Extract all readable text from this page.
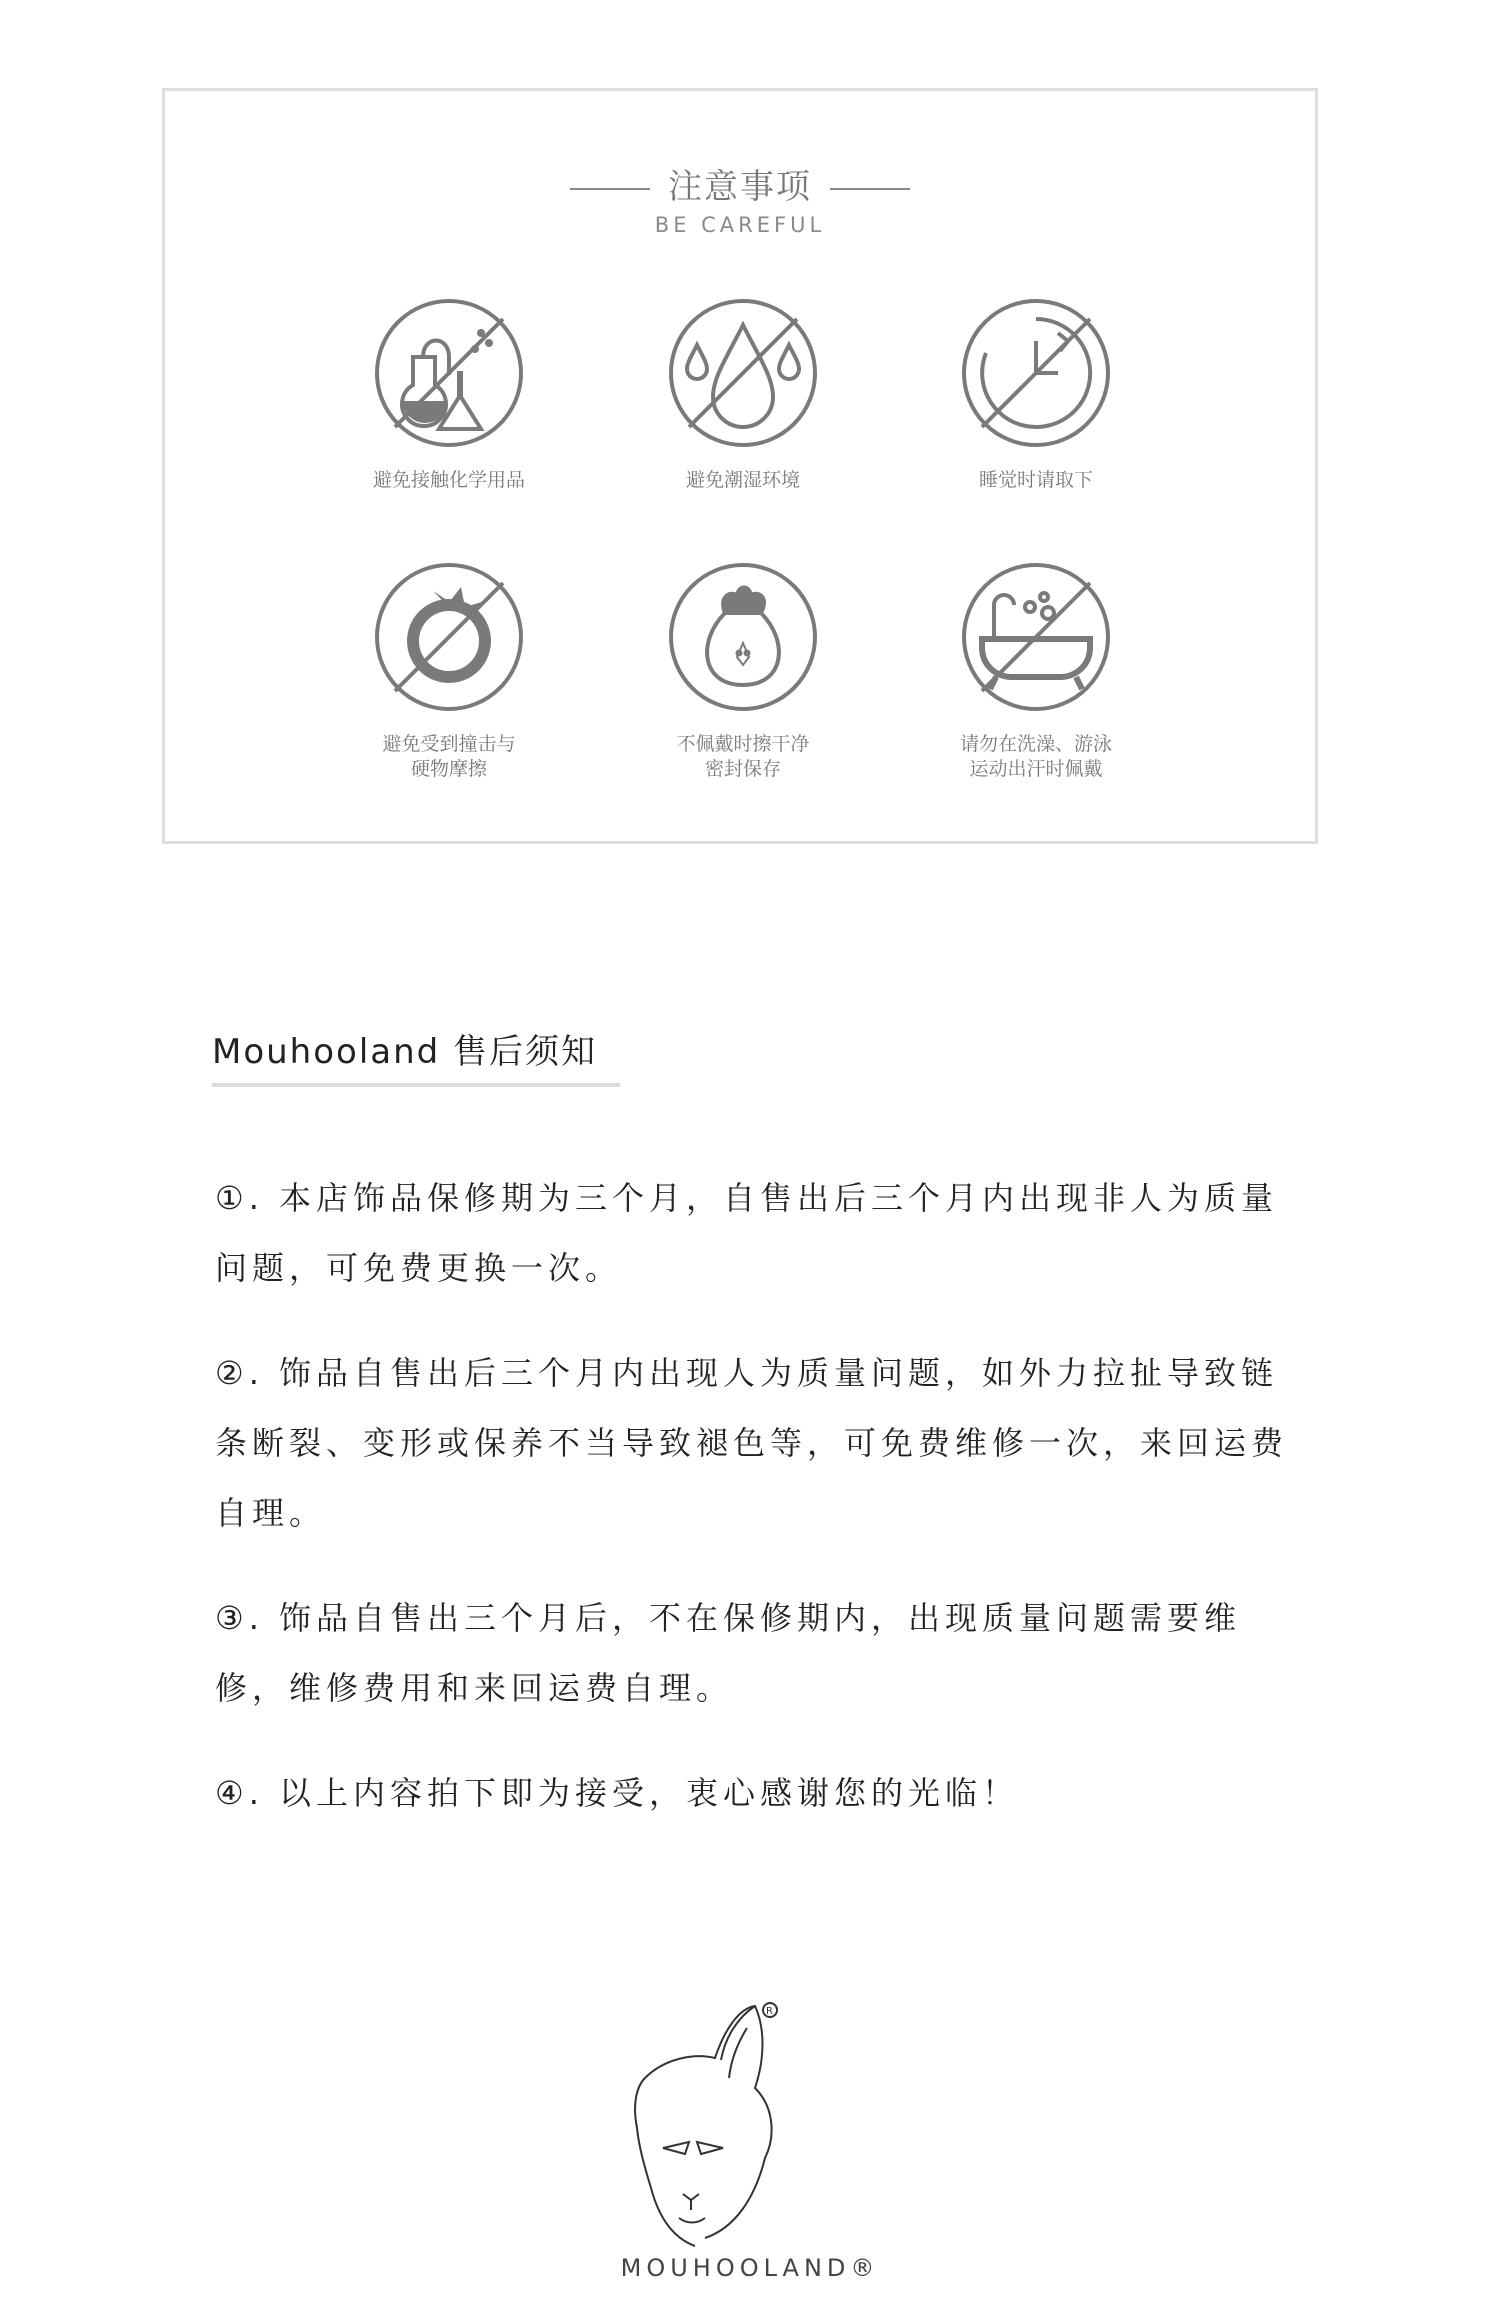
注意事项
BE CAREFUL
避免接触化学用品	避免潮湿环境	睡觉时请取下
避免受到撞击与
硬物摩擦
不佩戴时擦干净
密封保存
请勿在洗澡、游泳
运动出汗时佩戴
Mouhooland 售后须知

①. 本店饰品保修期为三个月，自售出后三个月内出现非人为质量问题，可免费更换一次。

②. 饰品自售出后三个月内出现人为质量问题，如外力拉扯导致链条断裂、变形或保养不当导致褪色等，可免费维修一次，来回运费自理。

③. 饰品自售出三个月后，不在保修期内，出现质量问题需要维修，维修费用和来回运费自理。

④. 以上内容拍下即为接受，衷心感谢您的光临！

R
MOUHOOLAND®
